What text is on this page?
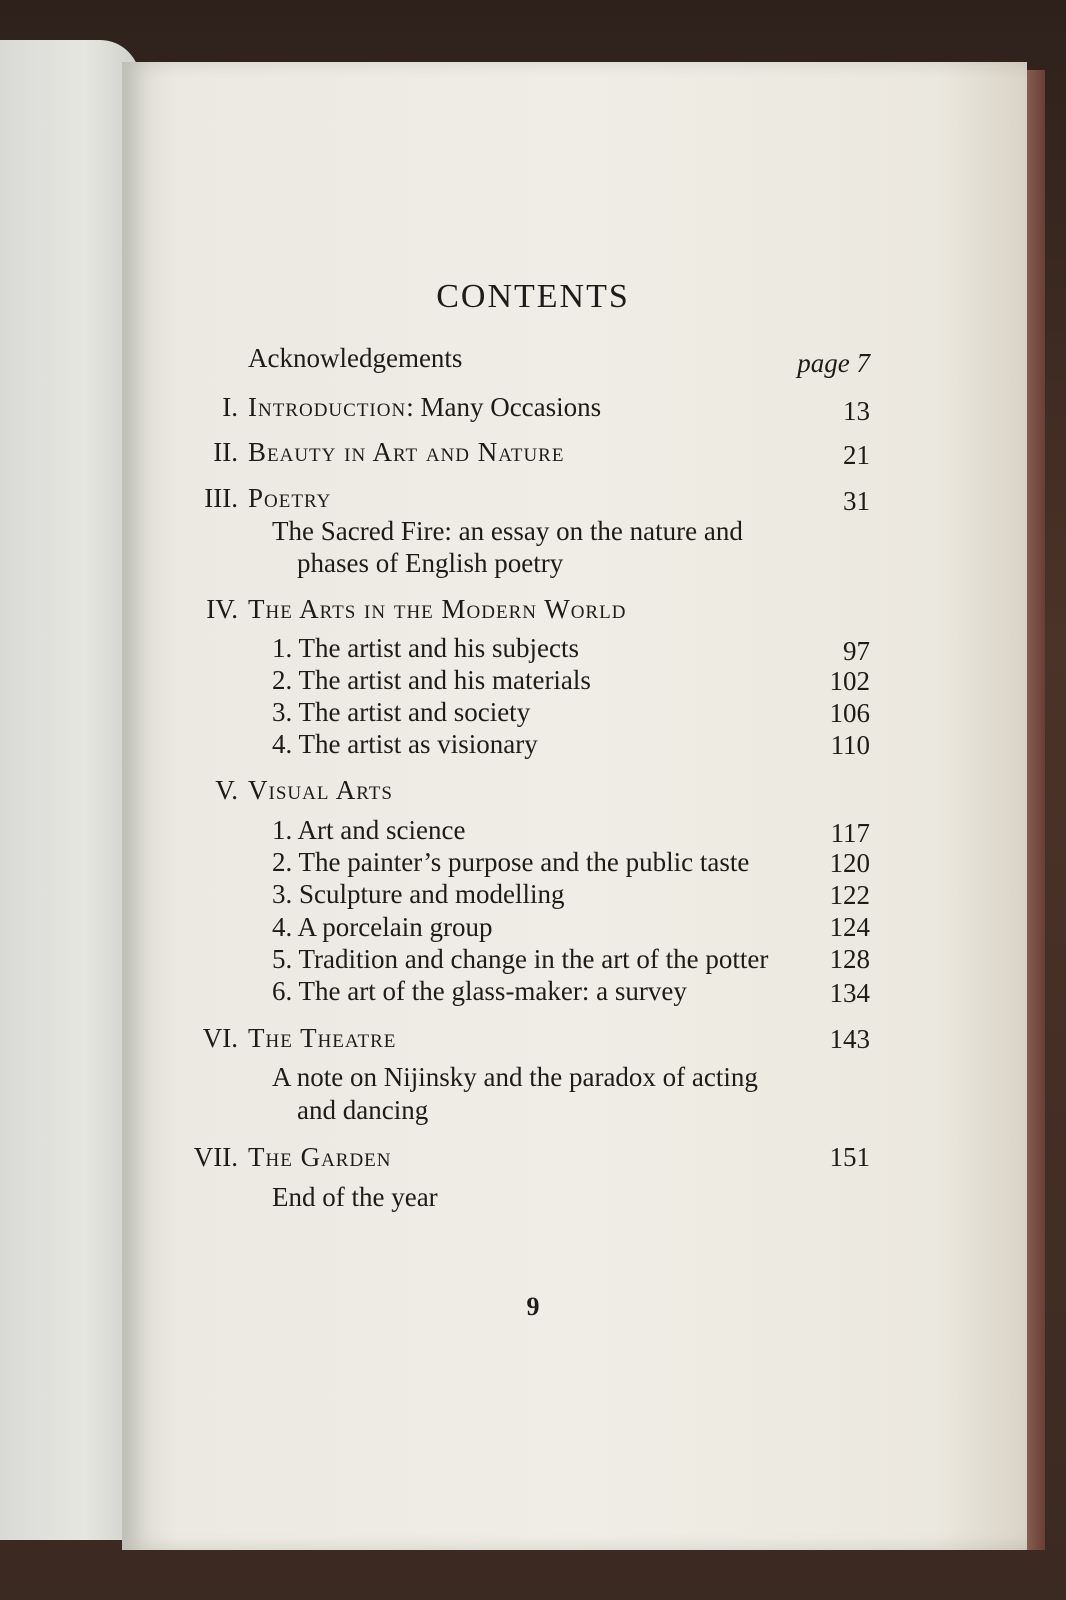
CONTENTS
Acknowledgements	page 7
I. Introduction: Many Occasions	13
II. Beauty in Art and Nature	21
III. Poetry	31
The Sacred Fire: an essay on the nature and
phases of English poetry
IV. The Arts in the Modern World
1. The artist and his subjects	97
2. The artist and his materials	102
3. The artist and society	106
4. The artist as visionary	110
V. Visual Arts
1. Art and science	117
2. The painter’s purpose and the public taste	120
3. Sculpture and modelling	122
4. A porcelain group	124
5. Tradition and change in the art of the potter	128
6. The art of the glass-maker: a survey	134
VI. The Theatre	143
A note on Nijinsky and the paradox of acting
and dancing
VII. The Garden	151
End of the year
9
